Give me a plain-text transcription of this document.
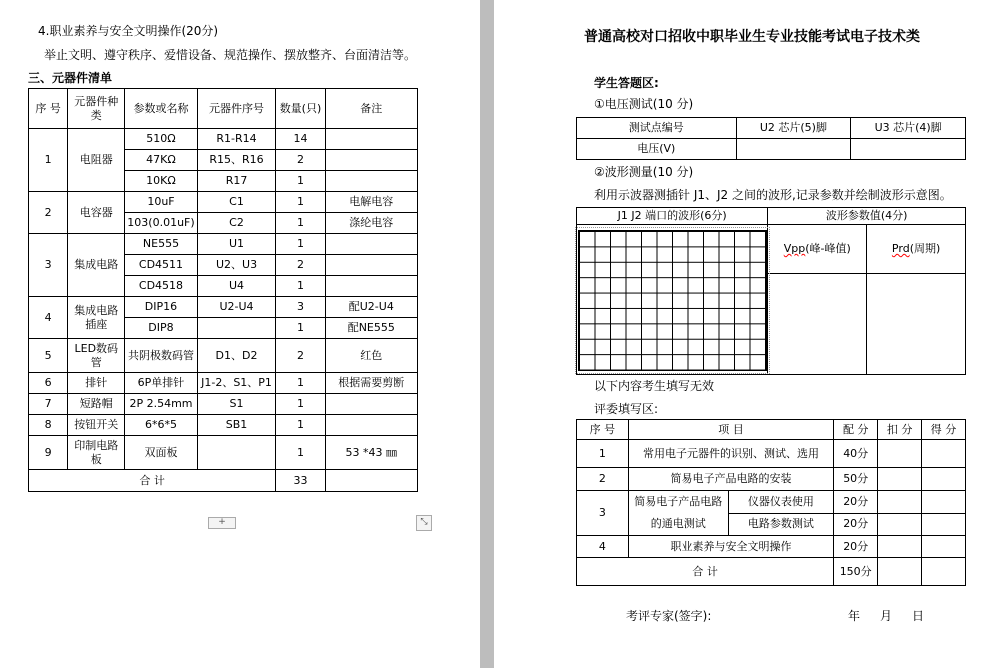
4.职业素养与安全文明操作(20分)
举止文明、遵守秩序、爱惜设备、规范操作、摆放整齐、台面清洁等。
三、元器件清单
序 号	元器件种类	参数或名称	元器件序号	数量(只)	备注
1	电阻器	510Ω	R1-R14	14	
		47KΩ	R15、R16	2	
		10KΩ	R17	1	
2	电容器	10uF	C1	1	电解电容
		103(0.01uF)	C2	1	涤纶电容
3	集成电路	NE555	U1	1	
		CD4511	U2、U3	2	
		CD4518	U4	1	
4	集成电路插座	DIP16	U2-U4	3	配U2-U4
		DIP8		1	配NE555
5	LED数码管	共阴极数码管	D1、D2	2	红色
6	排针	6P单排针	J1-2、S1、P1	1	根据需要剪断
7	短路帽	2P 2.54mm	S1	1	
8	按钮开关	6*6*5	SB1	1	
9	印制电路板	双面板		1	53 *43 ㎜
合 计				33	
+	⤡
普通高校对口招收中职毕业生专业技能考试电子技术类
学生答题区:
①电压测试(10 分)
测试点编号	U2 芯片(5)脚	U3 芯片(4)脚
电压(V)		
②波形测量(10 分)
利用示波器测插针 J1、J2 之间的波形,记录参数并绘制波形示意图。
J1 J2 端口的波形(6分)	波形参数值(4分)	
	Vpp(峰-峰值)	Prd(周期)

以下内容考生填写无效
评委填写区:
序 号	项 目		配 分	扣 分	得 分
1	常用电子元器件的识别、测试、选用		40分		
2	简易电子产品电路的安装		50分		
3	简易电子产品电路的通电测试	仪器仪表使用	20分		
		电路参数测试	20分		
4	职业素养与安全文明操作		20分		
合 计			150分		
考评专家(签字):	年 月 日
